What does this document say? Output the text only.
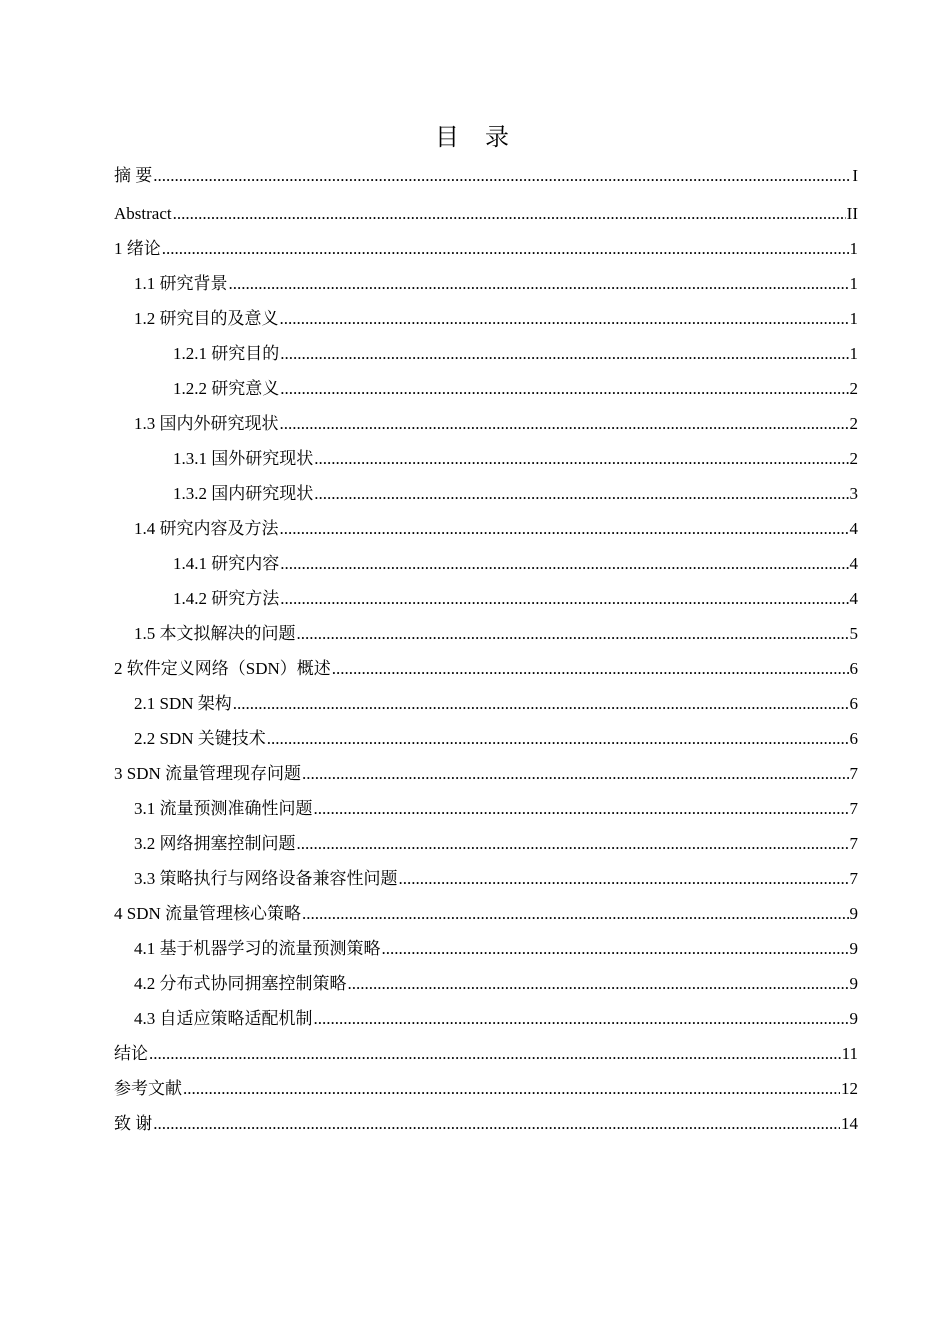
目录
摘 要 .....	I
Abstract .....	II
1 绪论 .....	1
1.1 研究背景 .....	1
1.2 研究目的及意义 .....	1
1.2.1 研究目的 .....	1
1.2.2 研究意义 .....	2
1.3 国内外研究现状 .....	2
1.3.1 国外研究现状 .....	2
1.3.2 国内研究现状 .....	3
1.4 研究内容及方法 .....	4
1.4.1 研究内容 .....	4
1.4.2 研究方法 .....	4
1.5 本文拟解决的问题 .....	5
2 软件定义网络（SDN）概述 .....	6
2.1 SDN 架构 .....	6
2.2 SDN 关键技术 .....	6
3 SDN 流量管理现存问题 .....	7
3.1 流量预测准确性问题 .....	7
3.2 网络拥塞控制问题 .....	7
3.3 策略执行与网络设备兼容性问题 .....	7
4 SDN 流量管理核心策略 .....	9
4.1 基于机器学习的流量预测策略 .....	9
4.2 分布式协同拥塞控制策略 .....	9
4.3 自适应策略适配机制 .....	9
结论 .....	11
参考文献 .....	12
致 谢 .....	14
